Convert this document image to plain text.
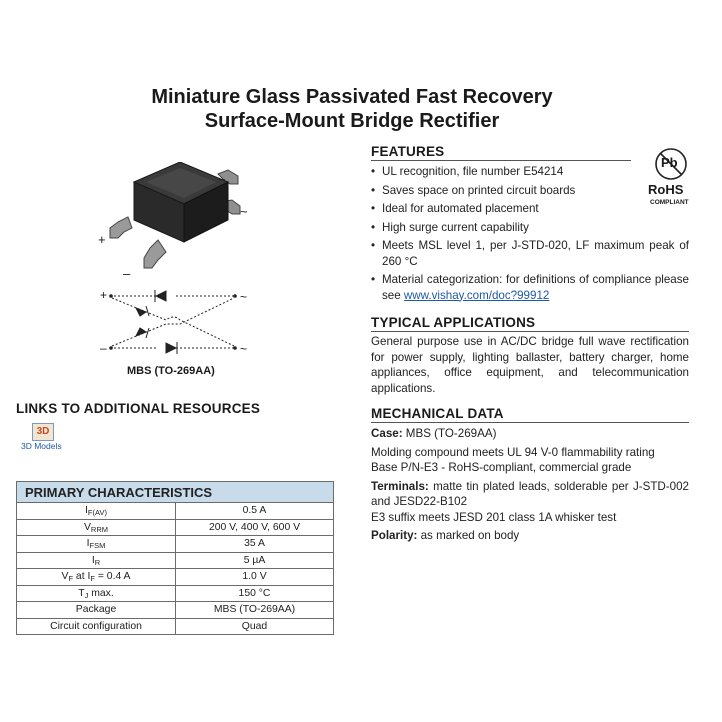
Miniature Glass Passivated Fast Recovery
Surface-Mount Bridge Rectifier
~
~
+
–
+
–
~
~
MBS (TO-269AA)
LINKS TO ADDITIONAL RESOURCES
3D
3D Models
PRIMARY CHARACTERISTICS	
$I_{F(AV)}$	0.5 A
$V_{RRM}$	200 V, 400 V, 600 V
$I_{FSM}$	35 A
$I_R$	5 µA
$V_F$ at $I_F = 0.4$ A	1.0 V
$T_J$ max.	150 °C
Package	MBS (TO-269AA)
Circuit configuration	Quad
Pb
RoHS
COMPLIANT
FEATURES
• UL recognition, file number E54214
• Saves space on printed circuit boards
• Ideal for automated placement
• High surge current capability
• Meets MSL level 1, per J-STD-020, LF maximum peak of 260 °C
• Material categorization: for definitions of compliance please see www.vishay.com/doc?99912
TYPICAL APPLICATIONS
General purpose use in AC/DC bridge full wave rectification for power supply, lighting ballaster, battery charger, home appliances, office equipment, and telecommunication applications.
MECHANICAL DATA
Case: MBS (TO-269AA)
Molding compound meets UL 94 V-0 flammability rating
Base P/N-E3 - RoHS-compliant, commercial grade
Terminals: matte tin plated leads, solderable per J-STD-002 and JESD22-B102
E3 suffix meets JESD 201 class 1A whisker test
Polarity: as marked on body
